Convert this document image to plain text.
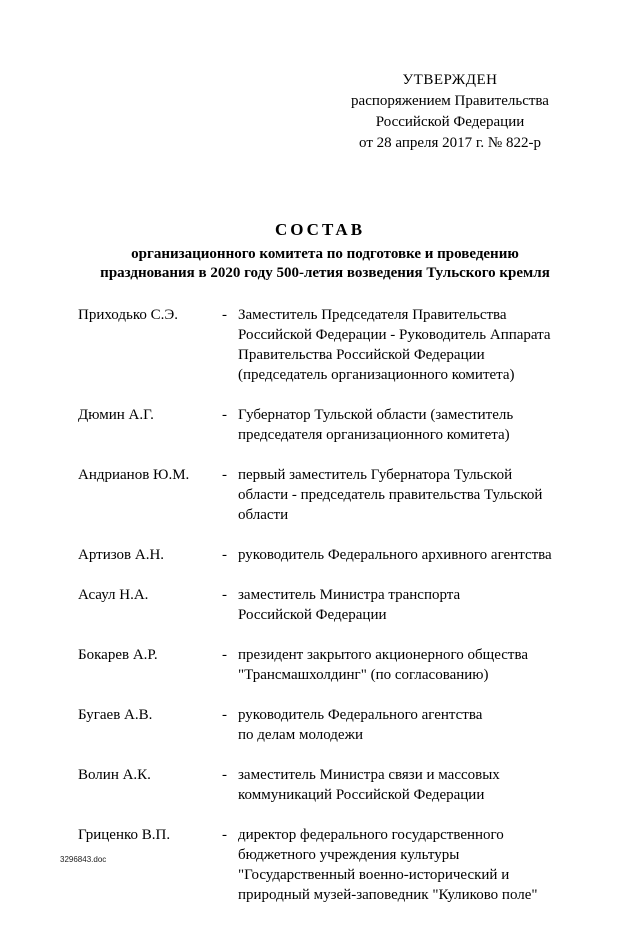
УТВЕРЖДЕН
распоряжением Правительства
Российской Федерации
от 28 апреля 2017 г. № 822-р
СОСТАВ
организационного комитета по подготовке и проведению
празднования в 2020 году 500-летия возведения Тульского кремля
Приходько С.Э.	- Заместитель Председателя Правительства
Российской Федерации - Руководитель Аппарата
Правительства Российской Федерации
(председатель организационного комитета)
Дюмин А.Г.	- Губернатор Тульской области (заместитель
председателя организационного комитета)
Андрианов Ю.М.	- первый заместитель Губернатора Тульской
области - председатель правительства Тульской
области
Артизов А.Н.	- руководитель Федерального архивного агентства
Асаул Н.А.	- заместитель Министра транспорта
Российской Федерации
Бокарев А.Р.	- президент закрытого акционерного общества
"Трансмашхолдинг" (по согласованию)
Бугаев А.В.	- руководитель Федерального агентства
по делам молодежи
Волин А.К.	- заместитель Министра связи и массовых
коммуникаций Российской Федерации
Гриценко В.П.	- директор федерального государственного
бюджетного учреждения культуры
"Государственный военно-исторический и
природный музей-заповедник "Куликово поле"
3296843.doc
